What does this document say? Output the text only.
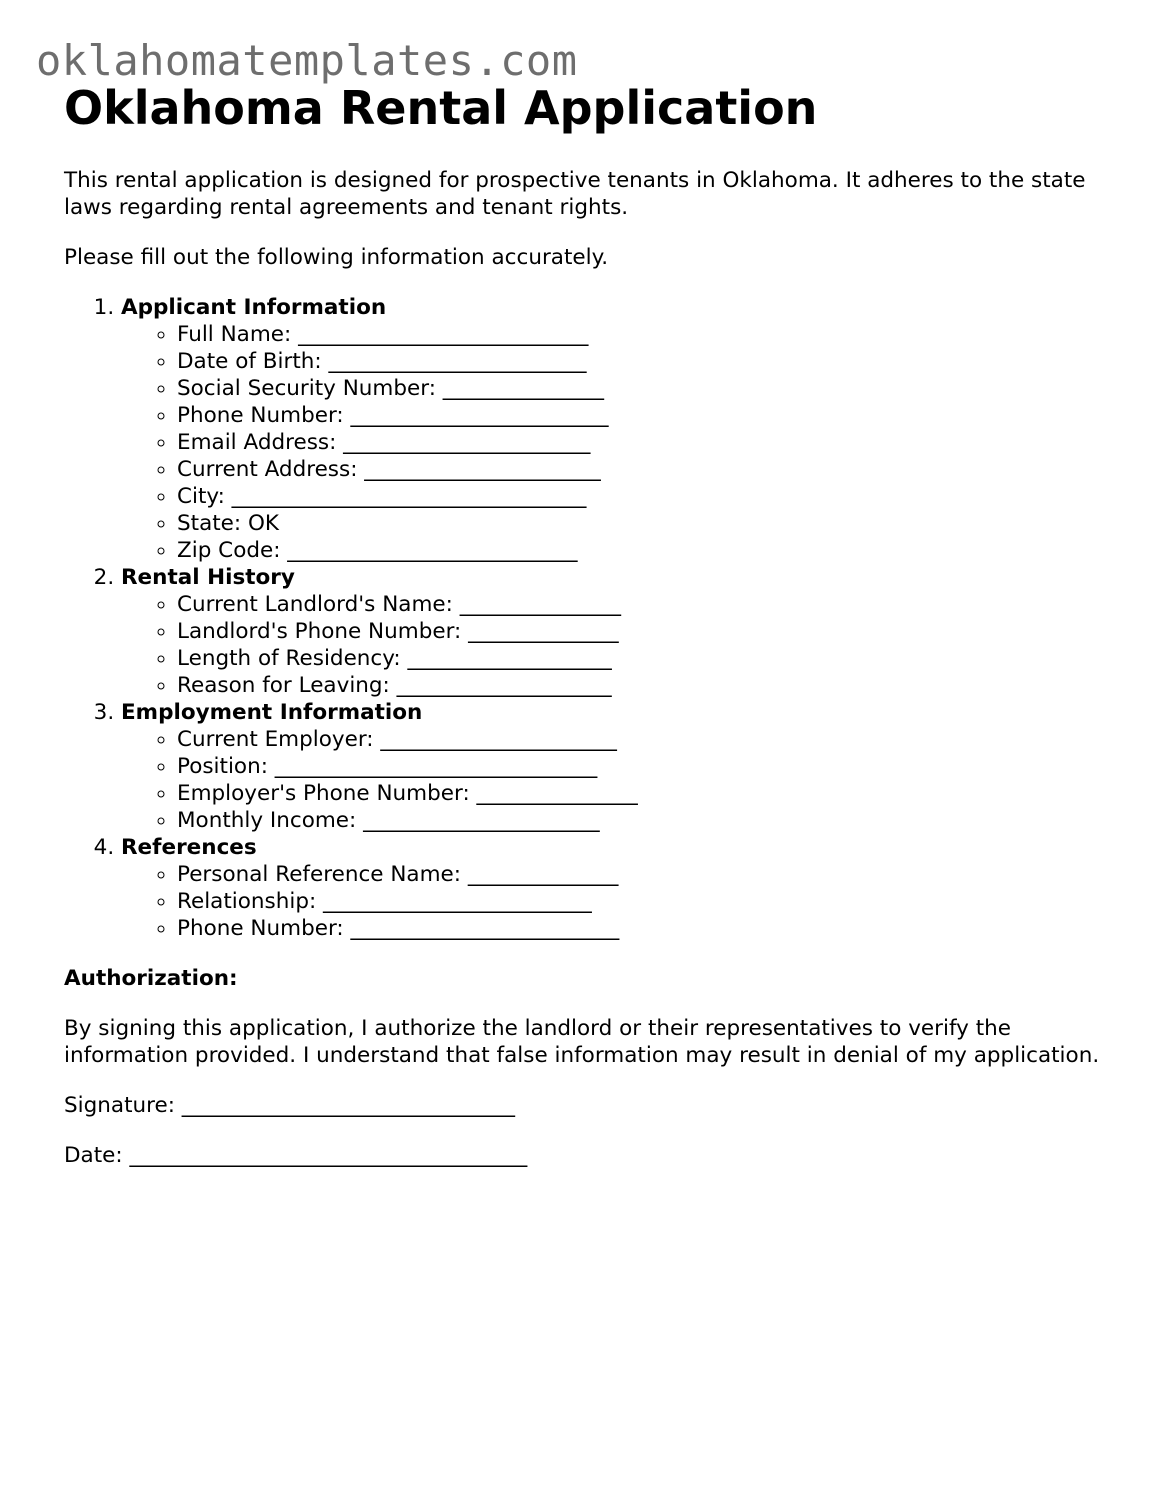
oklahomatemplates.com
Oklahoma Rental Application

This rental application is designed for prospective tenants in Oklahoma. It adheres to the state laws regarding rental agreements and tenant rights.

Please fill out the following information accurately.

1. Applicant Information
◦ Full Name: ___________________________
◦ Date of Birth: ________________________
◦ Social Security Number: _______________
◦ Phone Number: ________________________
◦ Email Address: _______________________
◦ Current Address: ______________________
◦ City: _________________________________
◦ State: OK
◦ Zip Code: ___________________________
2. Rental History
◦ Current Landlord's Name: _______________
◦ Landlord's Phone Number: ______________
◦ Length of Residency: ___________________
◦ Reason for Leaving: ____________________
3. Employment Information
◦ Current Employer: ______________________
◦ Position: ______________________________
◦ Employer's Phone Number: _______________
◦ Monthly Income: ______________________
4. References
◦ Personal Reference Name: ______________
◦ Relationship: _________________________
◦ Phone Number: _________________________

Authorization:

By signing this application, I authorize the landlord or their representatives to verify the information provided. I understand that false information may result in denial of my application.

Signature: _______________________________

Date: _____________________________________
